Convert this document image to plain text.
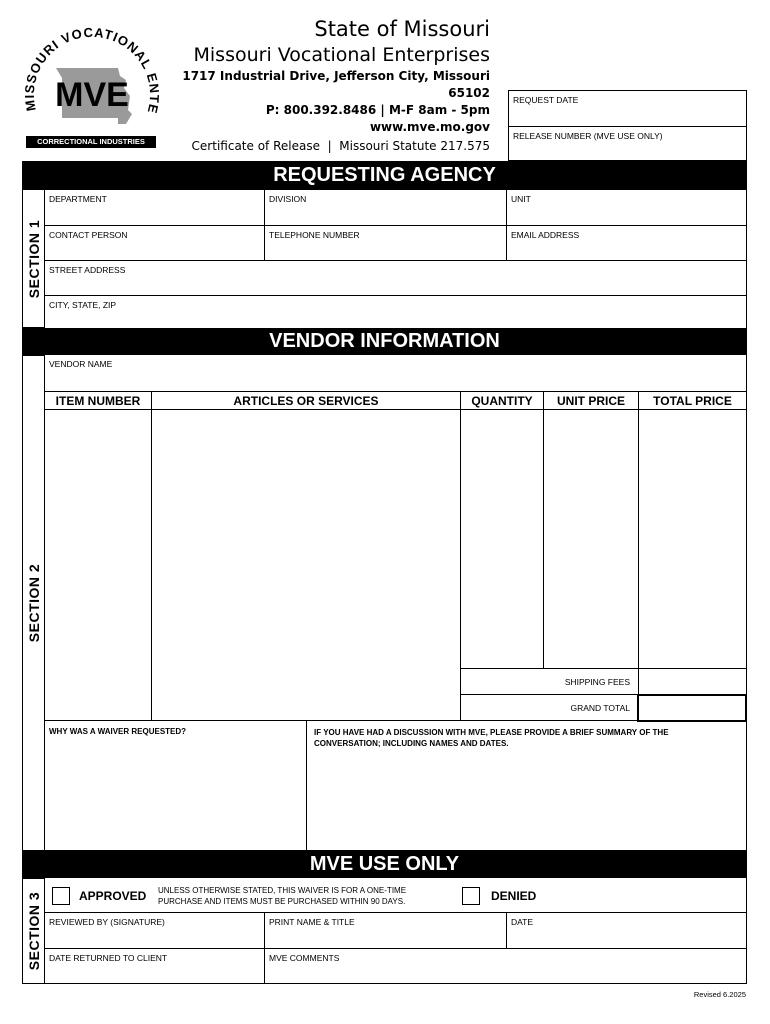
MISSOURI VOCATIONAL ENTE
MVE
CORRECTIONAL INDUSTRIES
State of Missouri
Missouri Vocational Enterprises
1717 Industrial Drive, Jefferson City, Missouri 65102
P: 800.392.8486 | M-F 8am - 5pm
www.mve.mo.gov
Certificate of Release  |  Missouri Statute 217.575
REQUEST DATE
RELEASE NUMBER (MVE USE ONLY)
REQUESTING AGENCY
SECTION 1
DEPARTMENT	DIVISION	UNIT
CONTACT PERSON	TELEPHONE NUMBER	EMAIL ADDRESS
STREET ADDRESS
CITY, STATE, ZIP
VENDOR INFORMATION
SECTION 2
VENDOR NAME
ITEM NUMBER	ARTICLES OR SERVICES	QUANTITY	UNIT PRICE	TOTAL PRICE
SHIPPING FEES
GRAND TOTAL
WHY WAS A WAIVER REQUESTED?	IF YOU HAVE HAD A DISCUSSION WITH MVE, PLEASE PROVIDE A BRIEF SUMMARY OF THE CONVERSATION; INCLUDING NAMES AND DATES.
MVE USE ONLY
SECTION 3	APPROVED UNLESS OTHERWISE STATED, THIS WAIVER IS FOR A ONE-TIME PURCHASE AND ITEMS MUST BE PURCHASED WITHIN 90 DAYS.	DENIED
REVIEWED BY (SIGNATURE)	PRINT NAME & TITLE	DATE
DATE RETURNED TO CLIENT	MVE COMMENTS
Revised 6.2025
